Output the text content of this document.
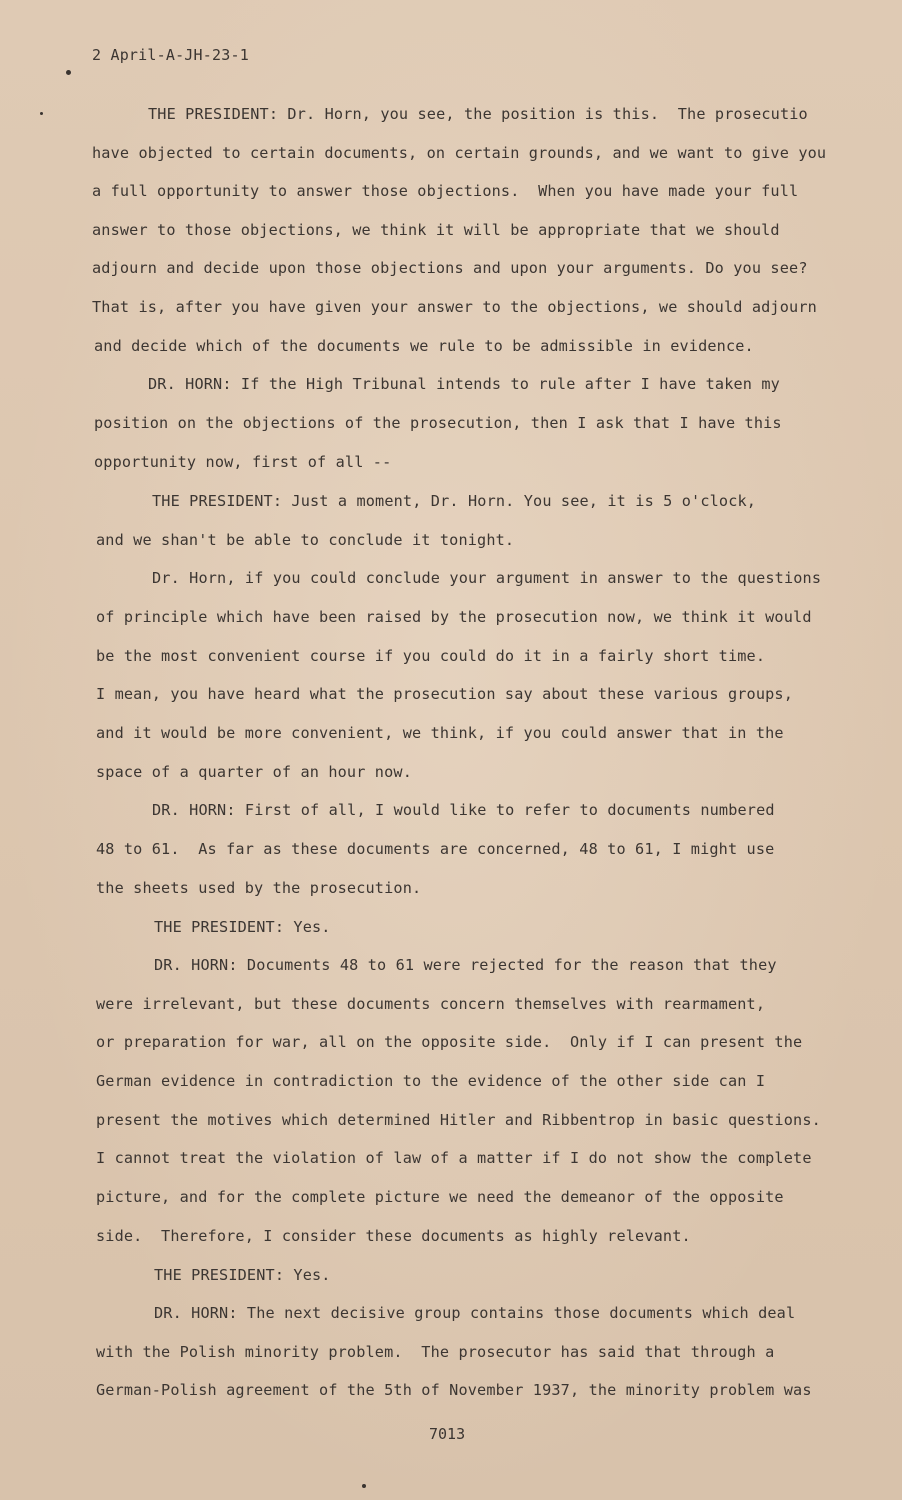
2 April-A-JH-23-1
THE PRESIDENT: Dr. Horn, you see, the position is this.  The prosecutio
have objected to certain documents, on certain grounds, and we want to give you
a full opportunity to answer those objections.  When you have made your full
answer to those objections, we think it will be appropriate that we should
adjourn and decide upon those objections and upon your arguments. Do you see?
That is, after you have given your answer to the objections, we should adjourn
and decide which of the documents we rule to be admissible in evidence.
DR. HORN: If the High Tribunal intends to rule after I have taken my
position on the objections of the prosecution, then I ask that I have this
opportunity now, first of all --
THE PRESIDENT: Just a moment, Dr. Horn. You see, it is 5 o'clock,
and we shan't be able to conclude it tonight.
Dr. Horn, if you could conclude your argument in answer to the questions
of principle which have been raised by the prosecution now, we think it would
be the most convenient course if you could do it in a fairly short time.
I mean, you have heard what the prosecution say about these various groups,
and it would be more convenient, we think, if you could answer that in the
space of a quarter of an hour now.
DR. HORN: First of all, I would like to refer to documents numbered
48 to 61.  As far as these documents are concerned, 48 to 61, I might use
the sheets used by the prosecution.
THE PRESIDENT: Yes.
DR. HORN: Documents 48 to 61 were rejected for the reason that they
were irrelevant, but these documents concern themselves with rearmament,
or preparation for war, all on the opposite side.  Only if I can present the
German evidence in contradiction to the evidence of the other side can I
present the motives which determined Hitler and Ribbentrop in basic questions.
I cannot treat the violation of law of a matter if I do not show the complete
picture, and for the complete picture we need the demeanor of the opposite
side.  Therefore, I consider these documents as highly relevant.
THE PRESIDENT: Yes.
DR. HORN: The next decisive group contains those documents which deal
with the Polish minority problem.  The prosecutor has said that through a
German-Polish agreement of the 5th of November 1937, the minority problem was
7013
